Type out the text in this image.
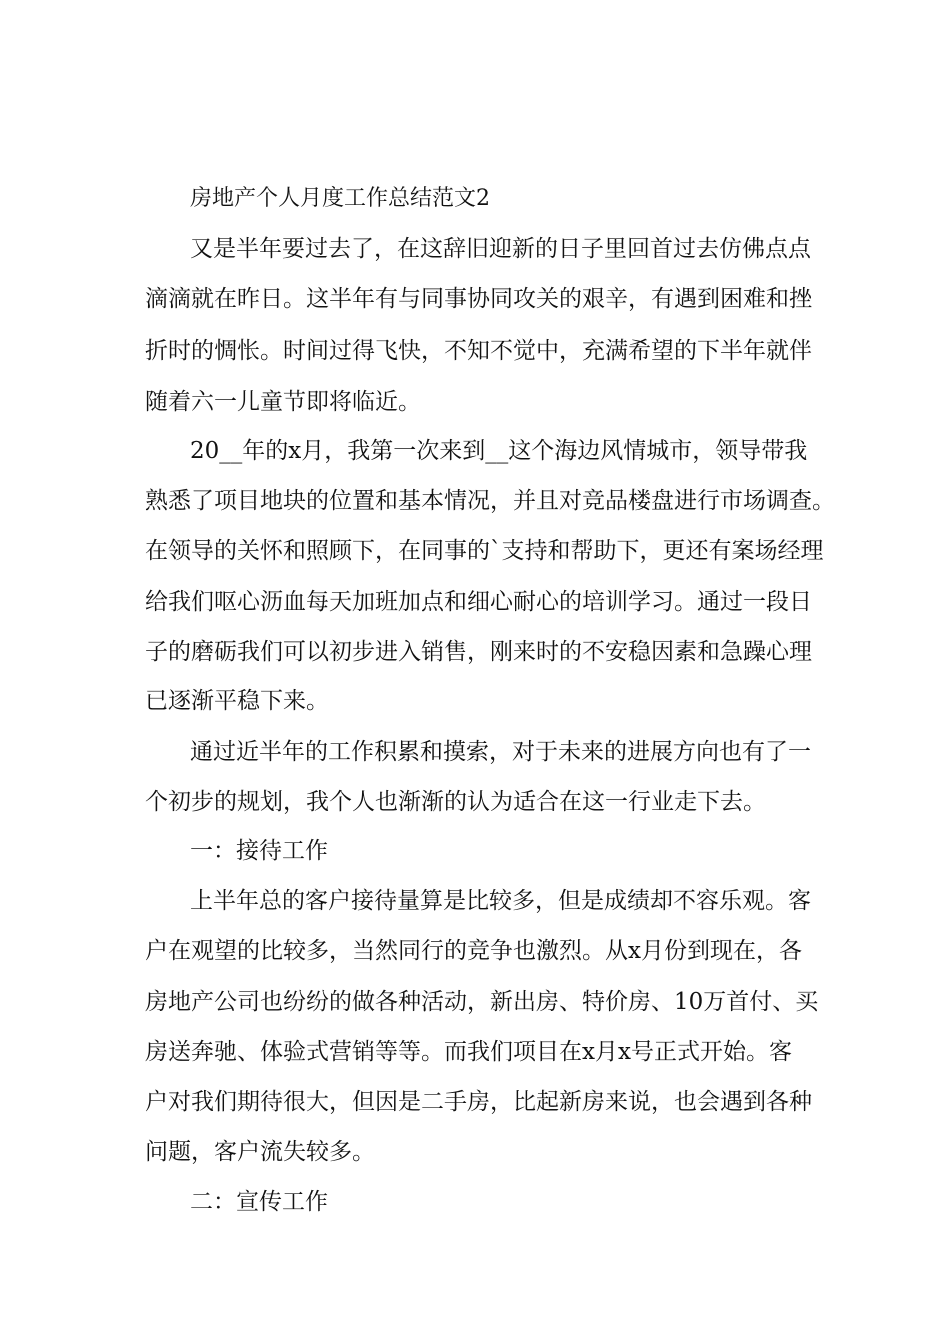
房地产个人月度工作总结范文2
又是半年要过去了，在这辞旧迎新的日子里回首过去仿佛点点
滴滴就在昨日。这半年有与同事协同攻关的艰辛，有遇到困难和挫
折时的惆怅。时间过得飞快，不知不觉中，充满希望的下半年就伴
随着六一儿童节即将临近。
20__年的x月，我第一次来到__这个海边风情城市，领导带我
熟悉了项目地块的位置和基本情况，并且对竞品楼盘进行市场调查。
在领导的关怀和照顾下，在同事的`支持和帮助下，更还有案场经理
给我们呕心沥血每天加班加点和细心耐心的培训学习。通过一段日
子的磨砺我们可以初步进入销售，刚来时的不安稳因素和急躁心理
已逐渐平稳下来。
通过近半年的工作积累和摸索，对于未来的进展方向也有了一
个初步的规划，我个人也渐渐的认为适合在这一行业走下去。
一：接待工作
上半年总的客户接待量算是比较多，但是成绩却不容乐观。客
户在观望的比较多，当然同行的竞争也激烈。从x月份到现在，各
房地产公司也纷纷的做各种活动，新出房、特价房、10万首付、买
房送奔驰、体验式营销等等。而我们项目在x月x号正式开始。客
户对我们期待很大，但因是二手房，比起新房来说，也会遇到各种
问题，客户流失较多。
二：宣传工作
